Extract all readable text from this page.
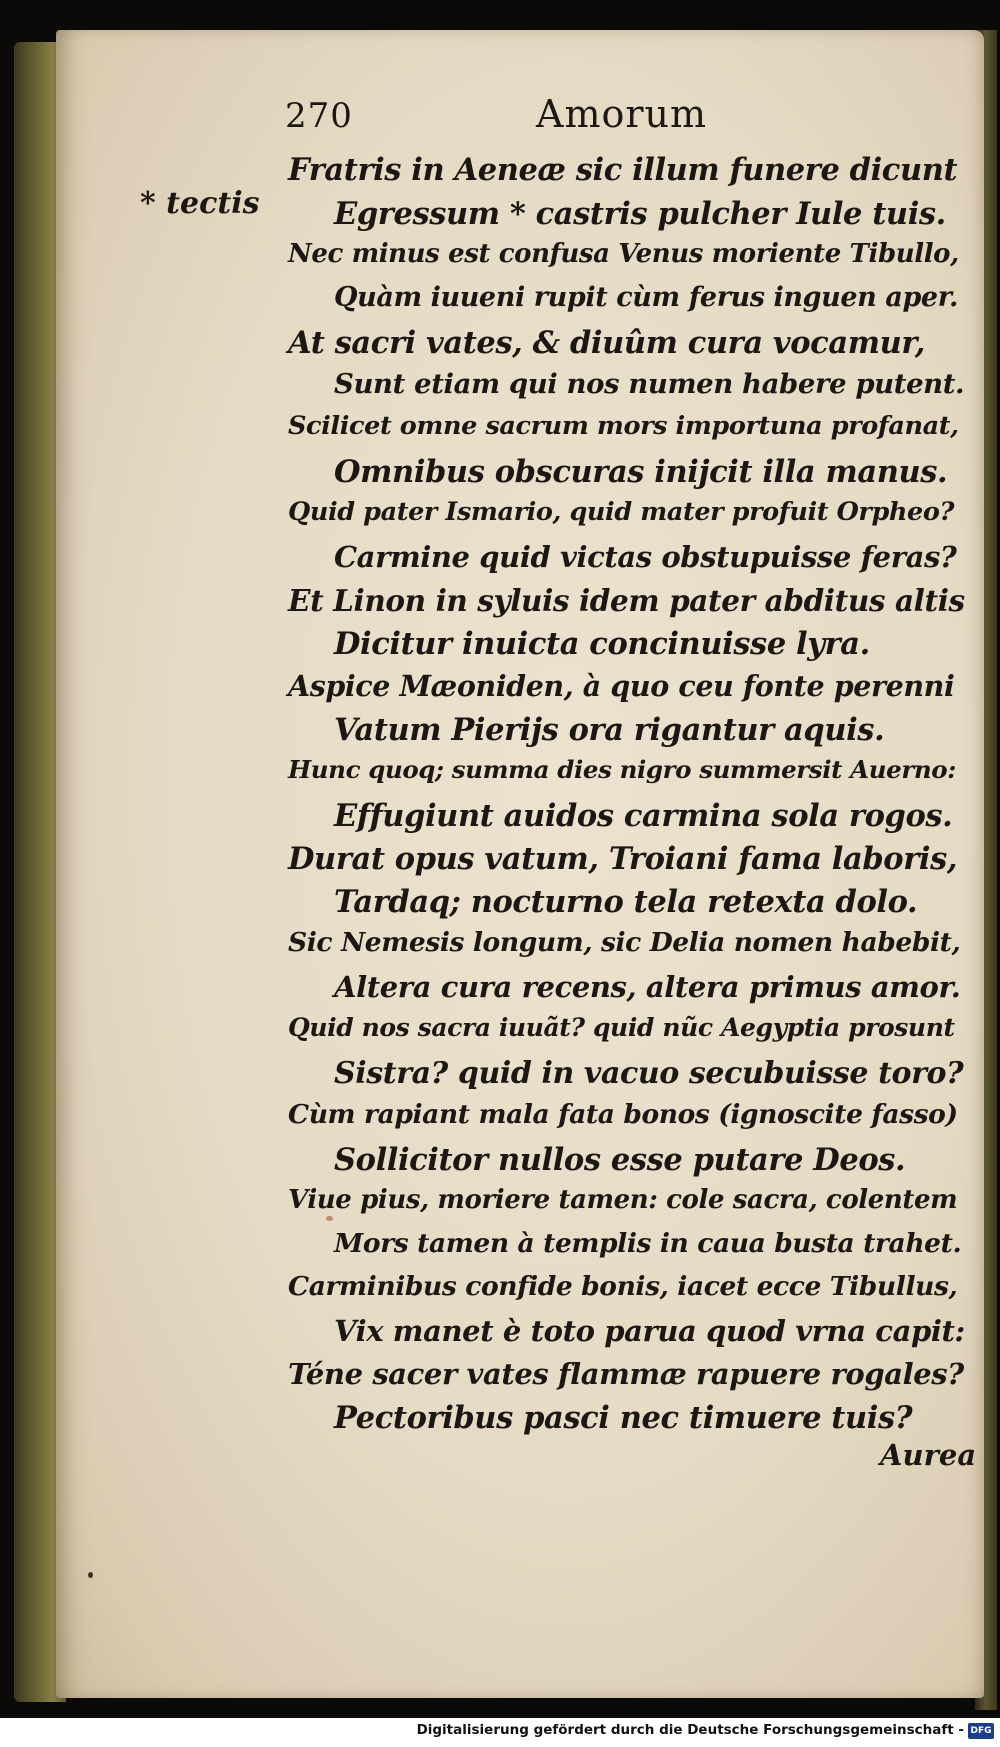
270	Amorum
* tectis
Fratris in Aeneæ sic illum funere dicunt
Egressum * castris pulcher Iule tuis.
Nec minus est confusa Venus moriente Tibullo,
Quàm iuueni rupit cùm ferus inguen aper.
At sacri vates, & diuûm cura vocamur,
Sunt etiam qui nos numen habere putent.
Scilicet omne sacrum mors importuna profanat,
Omnibus obscuras inijcit illa manus.
Quid pater Ismario, quid mater profuit Orpheo?
Carmine quid victas obstupuisse feras?
Et Linon in syluis idem pater abditus altis
Dicitur inuicta concinuisse lyra.
Aspice Mæoniden, à quo ceu fonte perenni
Vatum Pierijs ora rigantur aquis.
Hunc quoq; summa dies nigro summersit Auerno:
Effugiunt auidos carmina sola rogos.
Durat opus vatum, Troiani fama laboris,
Tardaq; nocturno tela retexta dolo.
Sic Nemesis longum, sic Delia nomen habebit,
Altera cura recens, altera primus amor.
Quid nos sacra iuuãt? quid nũc Aegyptia prosunt
Sistra? quid in vacuo secubuisse toro?
Cùm rapiant mala fata bonos (ignoscite fasso)
Sollicitor nullos esse putare Deos.
Viue pius, moriere tamen: cole sacra, colentem
Mors tamen à templis in caua busta trahet.
Carminibus confide bonis, iacet ecce Tibullus,
Vix manet è toto parua quod vrna capit:
Téne sacer vates flammæ rapuere rogales?
Pectoribus pasci nec timuere tuis?
Aurea
Digitalisierung gefördert durch die Deutsche Forschungsgemeinschaft - DFG
